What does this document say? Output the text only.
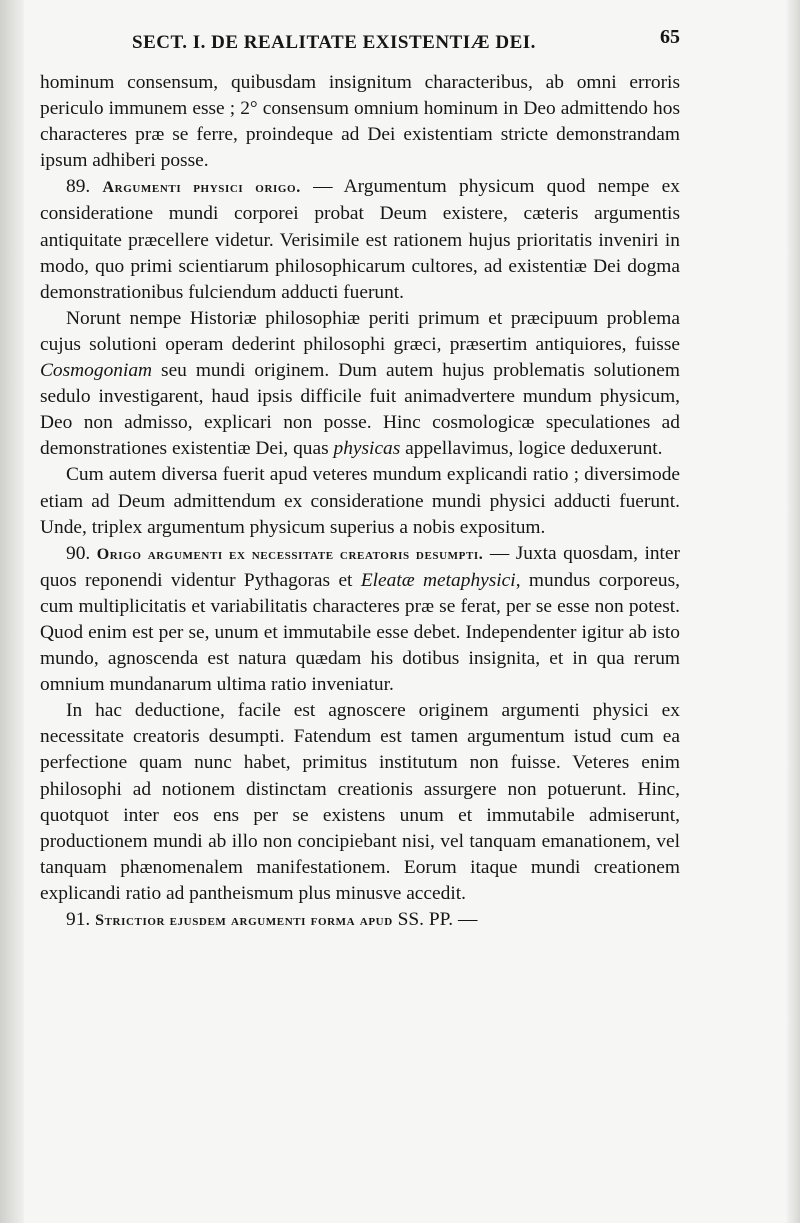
SECT. I. DE REALITATE EXISTENTIÆ DEI.	65

hominum consensum, quibusdam insignitum characteribus, ab omni erroris periculo immunem esse ; 2° consensum omnium hominum in Deo admittendo hos characteres præ se ferre, proindeque ad Dei existentiam stricte demonstrandam ipsum adhiberi posse.

89. Argumenti physici origo. — Argumentum physicum quod nempe ex consideratione mundi corporei probat Deum existere, cæteris argumentis antiquitate præcellere videtur. Verisimile est rationem hujus prioritatis inveniri in modo, quo primi scientiarum philosophicarum cultores, ad existentiæ Dei dogma demonstrationibus fulciendum adducti fuerunt.

Norunt nempe Historiæ philosophiæ periti primum et præcipuum problema cujus solutioni operam dederint philosophi græci, præsertim antiquiores, fuisse Cosmogoniam seu mundi originem. Dum autem hujus problematis solutionem sedulo investigarent, haud ipsis difficile fuit animadvertere mundum physicum, Deo non admisso, explicari non posse. Hinc cosmologicæ speculationes ad demonstrationes existentiæ Dei, quas physicas appellavimus, logice deduxerunt.

Cum autem diversa fuerit apud veteres mundum explicandi ratio ; diversimode etiam ad Deum admittendum ex consideratione mundi physici adducti fuerunt. Unde, triplex argumentum physicum superius a nobis expositum.

90. Origo argumenti ex necessitate creatoris desumpti. — Juxta quosdam, inter quos reponendi videntur Pythagoras et Eleatæ metaphysici, mundus corporeus, cum multiplicitatis et variabilitatis characteres præ se ferat, per se esse non potest. Quod enim est per se, unum et immutabile esse debet. Independenter igitur ab isto mundo, agnoscenda est natura quædam his dotibus insignita, et in qua rerum omnium mundanarum ultima ratio inveniatur.

In hac deductione, facile est agnoscere originem argumenti physici ex necessitate creatoris desumpti. Fatendum est tamen argumentum istud cum ea perfectione quam nunc habet, primitus institutum non fuisse. Veteres enim philosophi ad notionem distinctam creationis assurgere non potuerunt. Hinc, quotquot inter eos ens per se existens unum et immutabile admiserunt, productionem mundi ab illo non concipiebant nisi, vel tanquam emanationem, vel tanquam phænomenalem manifestationem. Eorum itaque mundi creationem explicandi ratio ad pantheismum plus minusve accedit.

91. Strictior ejusdem argumenti forma apud SS. PP. —
